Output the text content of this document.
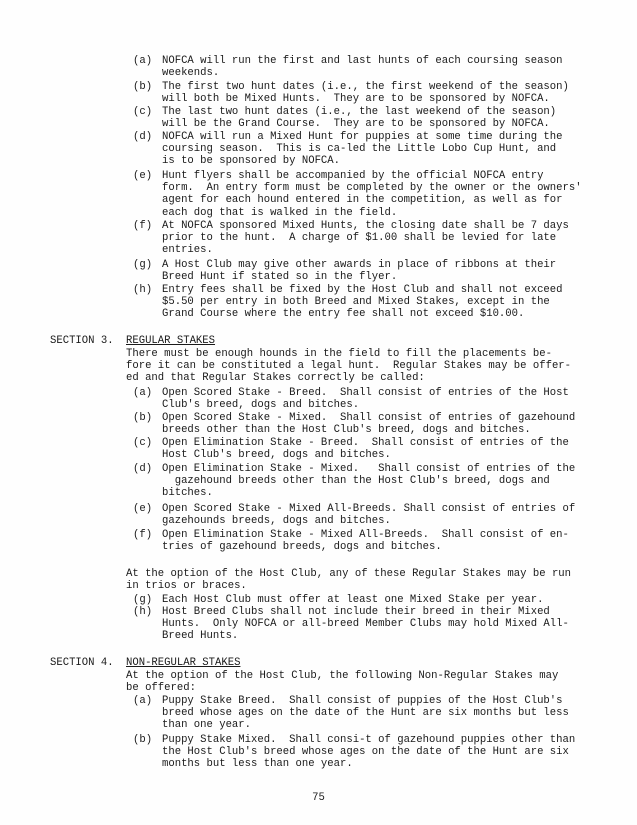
(a) NOFCA will run the first and last hunts of each coursing season
weekends.
(b) The first two hunt dates (i.e., the first weekend of the season)
will both be Mixed Hunts.  They are to be sponsored by NOFCA.
(c) The last two hunt dates (i.e., the last weekend of the season)
will be the Grand Course.  They are to be sponsored by NOFCA.
(d) NOFCA will run a Mixed Hunt for puppies at some time during the
coursing season.  This is ca-led the Little Lobo Cup Hunt, and
is to be sponsored by NOFCA.
(e) Hunt flyers shall be accompanied by the official NOFCA entry
form.  An entry form must be completed by the owner or the owners'
agent for each hound entered in the competition, as well as for
each dog that is walked in the field.
(f) At NOFCA sponsored Mixed Hunts, the closing date shall be 7 days
prior to the hunt.  A charge of $1.00 shall be levied for late
entries.
(g) A Host Club may give other awards in place of ribbons at their
Breed Hunt if stated so in the flyer.
(h) Entry fees shall be fixed by the Host Club and shall not exceed
$5.50 per entry in both Breed and Mixed Stakes, except in the
Grand Course where the entry fee shall not exceed $10.00.
SECTION 3. REGULAR STAKES
There must be enough hounds in the field to fill the placements be-
fore it can be constituted a legal hunt.  Regular Stakes may be offer-
ed and that Regular Stakes correctly be called:
(a) Open Scored Stake - Breed.  Shall consist of entries of the Host
Club's breed, dogs and bitches.
(b) Open Scored Stake - Mixed.  Shall consist of entries of gazehound
breeds other than the Host Club's breed, dogs and bitches.
(c) Open Elimination Stake - Breed.  Shall consist of entries of the
Host Club's breed, dogs and bitches.
(d) Open Elimination Stake - Mixed.   Shall consist of entries of the
gazehound breeds other than the Host Club's breed, dogs and
bitches.
(e) Open Scored Stake - Mixed All-Breeds. Shall consist of entries of
gazehounds breeds, dogs and bitches.
(f) Open Elimination Stake - Mixed All-Breeds.  Shall consist of en-
tries of gazehound breeds, dogs and bitches.
At the option of the Host Club, any of these Regular Stakes may be run
in trios or braces.
(g) Each Host Club must offer at least one Mixed Stake per year.
(h) Host Breed Clubs shall not include their breed in their Mixed
Hunts.  Only NOFCA or all-breed Member Clubs may hold Mixed All-
Breed Hunts.
SECTION 4. NON-REGULAR STAKES
At the option of the Host Club, the following Non-Regular Stakes may
be offered:
(a) Puppy Stake Breed.  Shall consist of puppies of the Host Club's
breed whose ages on the date of the Hunt are six months but less
than one year.
(b) Puppy Stake Mixed.  Shall consi-t of gazehound puppies other than
the Host Club's breed whose ages on the date of the Hunt are six
months but less than one year.
75
